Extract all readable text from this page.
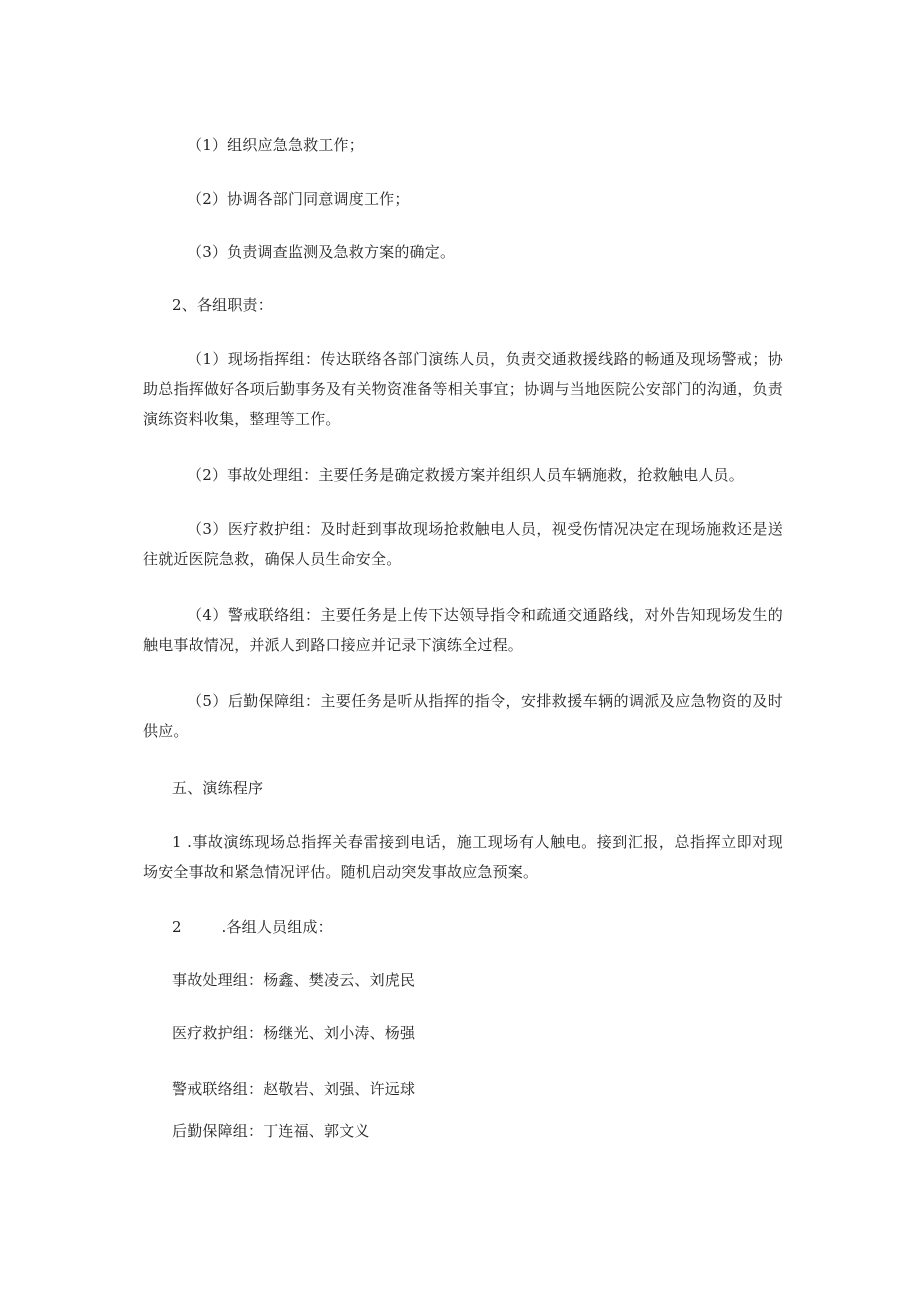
（1）组织应急急救工作；
（2）协调各部门同意调度工作；
（3）负责调查监测及急救方案的确定。
2、各组职责：
（1）现场指挥组：传达联络各部门演练人员，负责交通救援线路的畅通及现场警戒；协助总指挥做好各项后勤事务及有关物资准备等相关事宜；协调与当地医院公安部门的沟通，负责演练资料收集，整理等工作。
（2）事故处理组：主要任务是确定救援方案并组织人员车辆施救，抢救触电人员。
（3）医疗救护组：及时赶到事故现场抢救触电人员，视受伤情况决定在现场施救还是送往就近医院急救，确保人员生命安全。
（4）警戒联络组：主要任务是上传下达领导指令和疏通交通路线，对外告知现场发生的触电事故情况，并派人到路口接应并记录下演练全过程。
（5）后勤保障组：主要任务是听从指挥的指令，安排救援车辆的调派及应急物资的及时供应。
五、演练程序
1 .事故演练现场总指挥关春雷接到电话，施工现场有人触电。接到汇报，总指挥立即对现场安全事故和紧急情况评估。随机启动突发事故应急预案。
2        .各组人员组成：
事故处理组：杨鑫、樊凌云、刘虎民
医疗救护组：杨继光、刘小涛、杨强
警戒联络组：赵敬岩、刘强、许远球
后勤保障组：丁连福、郭文义
